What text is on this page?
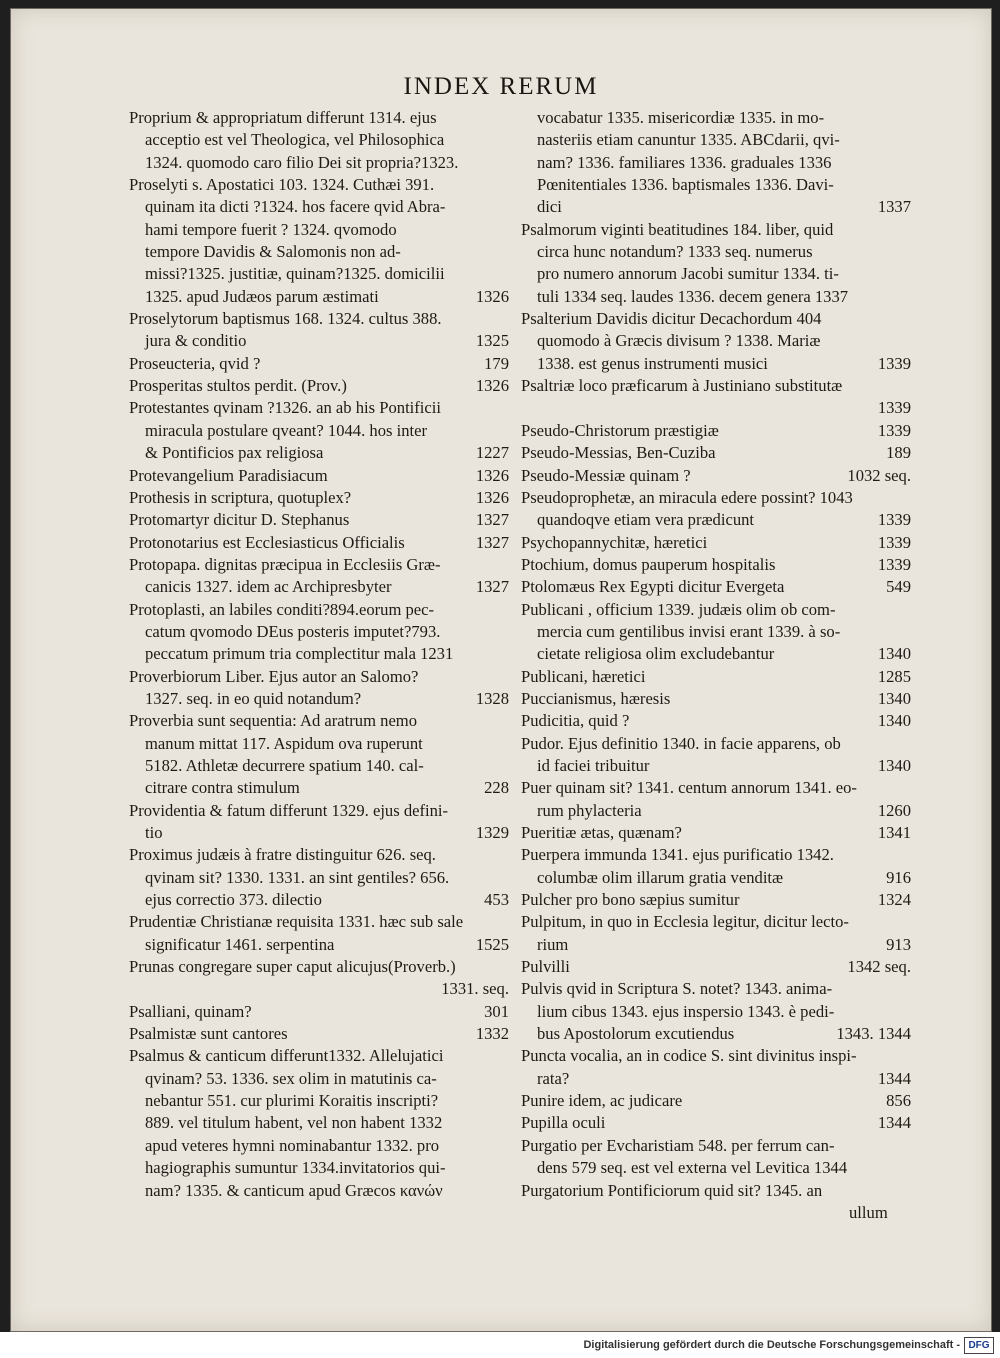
INDEX RERUM
Proprium & appropriatum differunt 1314. ejus
acceptio est vel Theologica, vel Philosophica
1324. quomodo caro filio Dei sit propria?1323.
Proselyti s. Apostatici 103. 1324. Cuthæi 391.
quinam ita dicti ?1324. hos facere qvid Abra-
hami tempore fuerit ? 1324. qvomodo
tempore Davidis & Salomonis non ad-
missi?1325. justitiæ, quinam?1325. domicilii
1325. apud Judæos parum æstimati	1326
Proselytorum baptismus 168. 1324. cultus 388.
jura & conditio	1325
Proseucteria, qvid ?	179
Prosperitas stultos perdit. (Prov.)	1326
Protestantes qvinam ?1326. an ab his Pontificii
miracula postulare qveant? 1044. hos inter
& Pontificios pax religiosa	1227
Protevangelium Paradisiacum	1326
Prothesis in scriptura, quotuplex?	1326
Protomartyr dicitur D. Stephanus	1327
Protonotarius est Ecclesiasticus Officialis	1327
Protopapa. dignitas præcipua in Ecclesiis Græ-
canicis 1327. idem ac Archipresbyter	1327
Protoplasti, an labiles conditi?894.eorum pec-
catum qvomodo DEus posteris imputet?793.
peccatum primum tria complectitur mala 1231
Proverbiorum Liber. Ejus autor an Salomo?
1327. seq. in eo quid notandum?	1328
Proverbia sunt sequentia: Ad aratrum nemo
manum mittat 117. Aspidum ova ruperunt
5182. Athletæ decurrere spatium 140. cal-
citrare contra stimulum	228
Providentia & fatum differunt 1329. ejus defini-
tio	1329
Proximus judæis à fratre distinguitur 626. seq.
qvinam sit? 1330. 1331. an sint gentiles? 656.
ejus correctio 373. dilectio	453
Prudentiæ Christianæ requisita 1331. hæc sub sale
significatur 1461. serpentina	1525
Prunas congregare super caput alicujus(Proverb.)
1331. seq.
Psalliani, quinam?	301
Psalmistæ sunt cantores	1332
Psalmus & canticum differunt1332. Allelujatici
qvinam? 53. 1336. sex olim in matutinis ca-
nebantur 551. cur plurimi Koraitis inscripti?
889. vel titulum habent, vel non habent 1332
apud veteres hymni nominabantur 1332. pro
hagiographis sumuntur 1334.invitatorios qui-
nam? 1335. & canticum apud Græcos κανών
vocabatur 1335. misericordiæ 1335. in mo-
nasteriis etiam canuntur 1335. ABCdarii, qvi-
nam? 1336. familiares 1336. graduales 1336
Pœnitentiales 1336. baptismales 1336. Davi-
dici	1337
Psalmorum viginti beatitudines 184. liber, quid
circa hunc notandum? 1333 seq. numerus
pro numero annorum Jacobi sumitur 1334. ti-
tuli 1334 seq. laudes 1336. decem genera 1337
Psalterium Davidis dicitur Decachordum 404
quomodo à Græcis divisum ? 1338. Mariæ
1338. est genus instrumenti musici	1339
Psaltriæ loco præficarum à Justiniano substitutæ
1339
Pseudo-Christorum præstigiæ	1339
Pseudo-Messias, Ben-Cuziba	189
Pseudo-Messiæ quinam ?	1032 seq.
Pseudoprophetæ, an miracula edere possint? 1043
quandoqve etiam vera prædicunt	1339
Psychopannychitæ, hæretici	1339
Ptochium, domus pauperum hospitalis	1339
Ptolomæus Rex Egypti dicitur Evergeta	549
Publicani , officium 1339. judæis olim ob com-
mercia cum gentilibus invisi erant 1339. à so-
cietate religiosa olim excludebantur	1340
Publicani, hæretici	1285
Puccianismus, hæresis	1340
Pudicitia, quid ?	1340
Pudor. Ejus definitio 1340. in facie apparens, ob
id faciei tribuitur	1340
Puer quinam sit? 1341. centum annorum 1341. eo-
rum phylacteria	1260
Pueritiæ ætas, quænam?	1341
Puerpera immunda 1341. ejus purificatio 1342.
columbæ olim illarum gratia venditæ	916
Pulcher pro bono sæpius sumitur	1324
Pulpitum, in quo in Ecclesia legitur, dicitur lecto-
rium	913
Pulvilli	1342 seq.
Pulvis qvid in Scriptura S. notet? 1343. anima-
lium cibus 1343. ejus inspersio 1343. è pedi-
bus Apostolorum excutiendus	1343. 1344
Puncta vocalia, an in codice S. sint divinitus inspi-
rata?	1344
Punire idem, ac judicare	856
Pupilla oculi	1344
Purgatio per Evcharistiam 548. per ferrum can-
dens 579 seq. est vel externa vel Levitica 1344
Purgatorium Pontificiorum quid sit? 1345. an
ullum
Digitalisierung gefördert durch die Deutsche Forschungsgemeinschaft - DFG
